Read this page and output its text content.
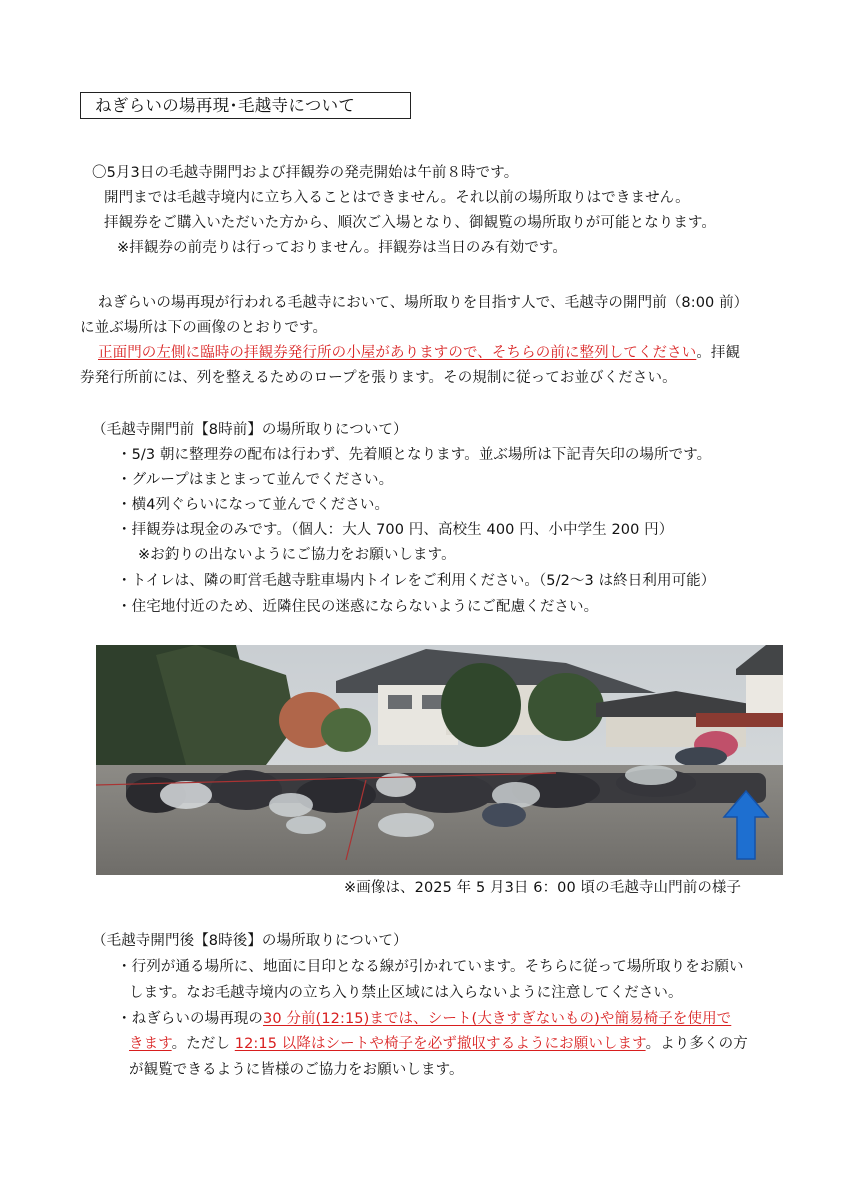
ねぎらいの場再現･毛越寺について
〇5月3日の毛越寺開門および拝観券の発売開始は午前８時です。
開門までは毛越寺境内に立ち入ることはできません。それ以前の場所取りはできません。
拝観券をご購入いただいた方から、順次ご入場となり、御観覧の場所取りが可能となります。
※拝観券の前売りは行っておりません。拝観券は当日のみ有効です。
ねぎらいの場再現が行われる毛越寺において、場所取りを目指す人で、毛越寺の開門前（8:00 前）
に並ぶ場所は下の画像のとおりです。
正面門の左側に臨時の拝観券発行所の小屋がありますので、そちらの前に整列してください。拝観
券発行所前には、列を整えるためのロープを張ります。その規制に従ってお並びください。
（毛越寺開門前【8時前】の場所取りについて）
・5/3 朝に整理券の配布は行わず、先着順となります。並ぶ場所は下記青矢印の場所です。
・グループはまとまって並んでください。
・横4列ぐらいになって並んでください。
・拝観券は現金のみです。（個人：大人 700 円、高校生 400 円、小中学生 200 円）
※お釣りの出ないようにご協力をお願いします。
・トイレは、隣の町営毛越寺駐車場内トイレをご利用ください。（5/2～3 は終日利用可能）
・住宅地付近のため、近隣住民の迷惑にならないようにご配慮ください。
※画像は、2025 年 5 月3日 6：00 頃の毛越寺山門前の様子
（毛越寺開門後【8時後】の場所取りについて）
・行列が通る場所に、地面に目印となる線が引かれています。そちらに従って場所取りをお願い
します。なお毛越寺境内の立ち入り禁止区域には入らないように注意してください。
・ねぎらいの場再現の30 分前(12:15)までは、シート(大きすぎないもの)や簡易椅子を使用で
きます。ただし 12:15 以降はシートや椅子を必ず撤収するようにお願いします。より多くの方
が観覧できるように皆様のご協力をお願いします。
